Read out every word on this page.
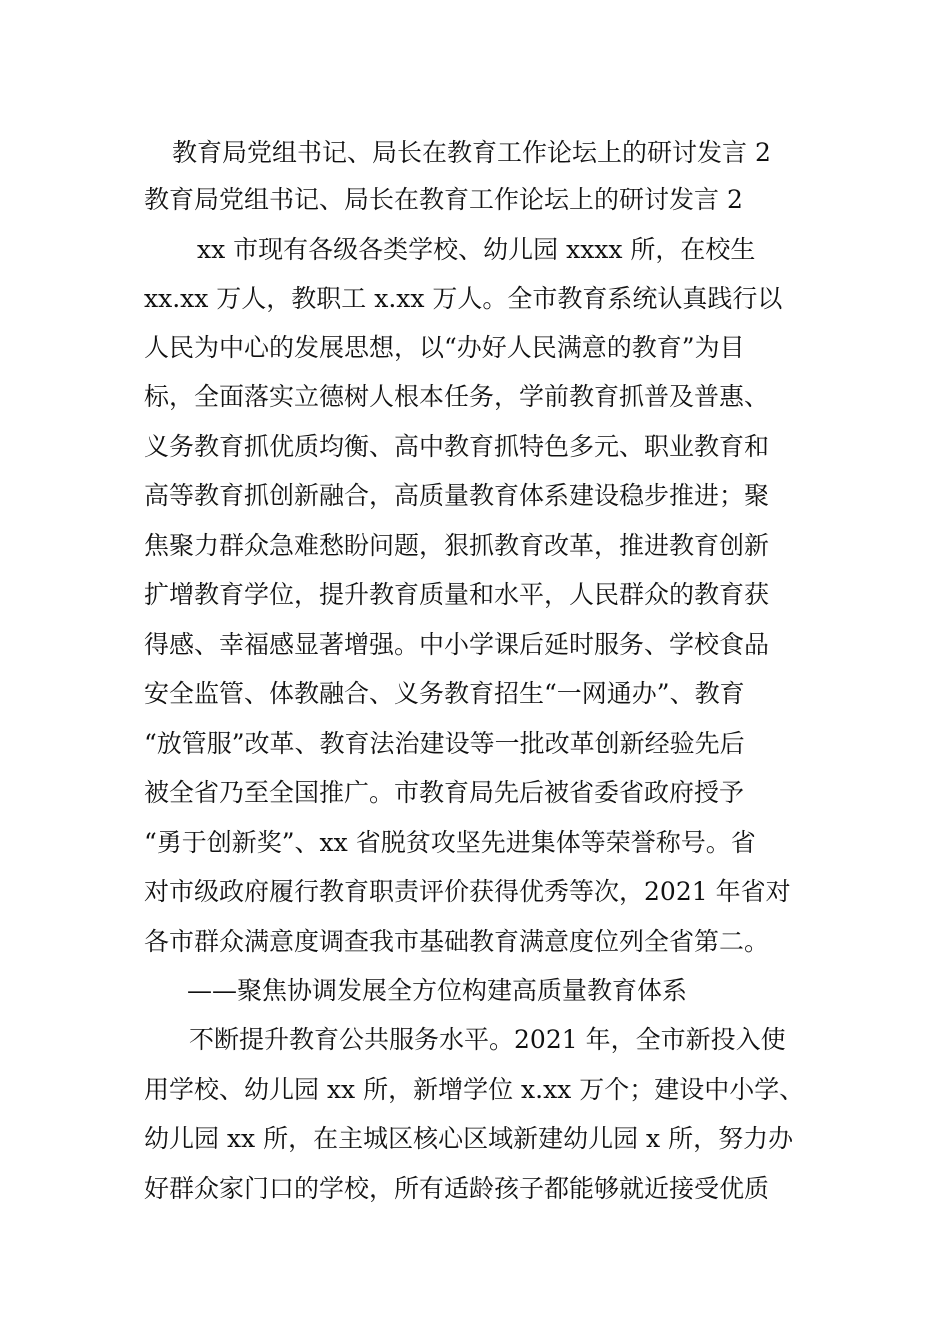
教育局党组书记、局长在教育工作论坛上的研讨发言 2
教育局党组书记、局长在教育工作论坛上的研讨发言 2
xx 市现有各级各类学校、幼儿园 xxxx 所，在校生
xx.xx 万人，教职工 x.xx 万人。全市教育系统认真践行以
人民为中心的发展思想，以“办好人民满意的教育”为目
标，全面落实立德树人根本任务，学前教育抓普及普惠、
义务教育抓优质均衡、高中教育抓特色多元、职业教育和
高等教育抓创新融合，高质量教育体系建设稳步推进；聚
焦聚力群众急难愁盼问题，狠抓教育改革，推进教育创新
扩增教育学位，提升教育质量和水平，人民群众的教育获
得感、幸福感显著增强。中小学课后延时服务、学校食品
安全监管、体教融合、义务教育招生“一网通办”、教育
“放管服”改革、教育法治建设等一批改革创新经验先后
被全省乃至全国推广。市教育局先后被省委省政府授予
“勇于创新奖”、xx 省脱贫攻坚先进集体等荣誉称号。省
对市级政府履行教育职责评价获得优秀等次，2021 年省对
各市群众满意度调查我市基础教育满意度位列全省第二。
——聚焦协调发展全方位构建高质量教育体系
不断提升教育公共服务水平。2021 年，全市新投入使
用学校、幼儿园 xx 所，新增学位 x.xx 万个；建设中小学、
幼儿园 xx 所，在主城区核心区域新建幼儿园 x 所，努力办
好群众家门口的学校，所有适龄孩子都能够就近接受优质
